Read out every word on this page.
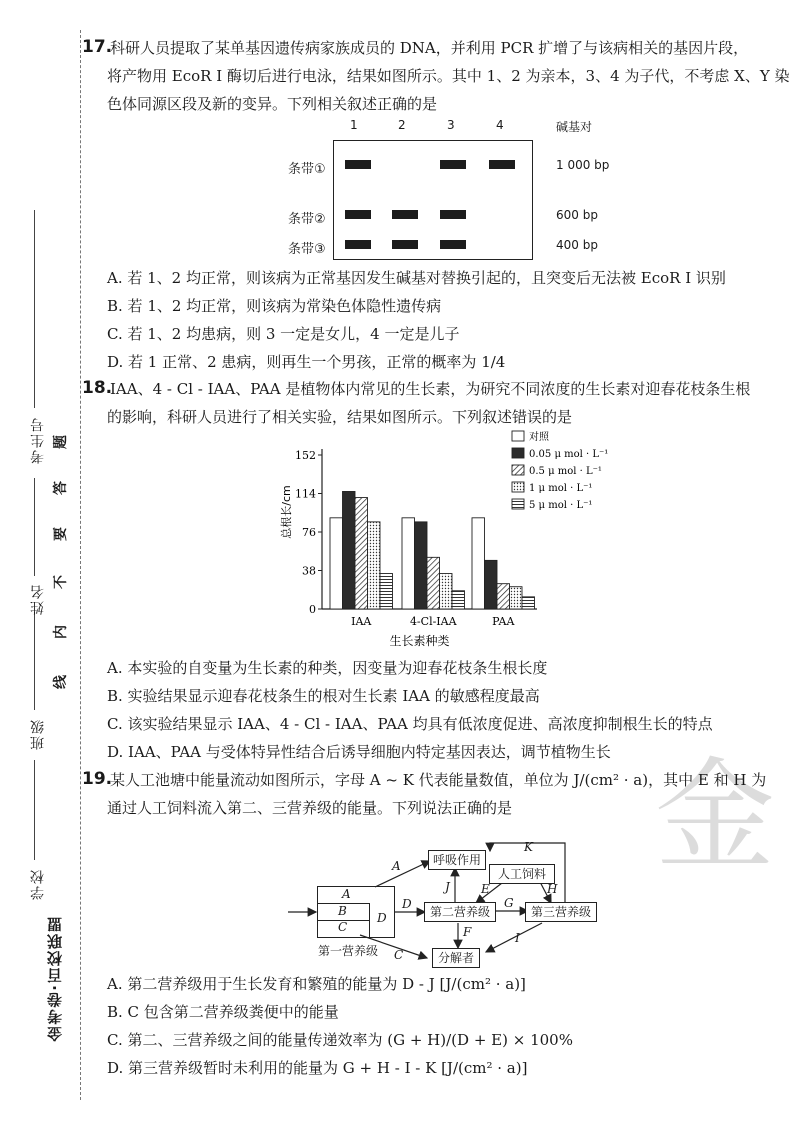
金考卷·百校联盟
学校
班级
姓名
考生号
线
内
不
要
答
题
金
17.
科研人员提取了某单基因遗传病家族成员的 DNA，并利用 PCR 扩增了与该病相关的基因片段，
将产物用 EcoR I 酶切后进行电泳，结果如图所示。其中 1、2 为亲本，3、4 为子代，不考虑 X、Y 染
色体同源区段及新的变异。下列相关叙述正确的是
1	2	3	4	碱基对
条带①
条带②
条带③
1 000 bp
600 bp
400 bp
A. 若 1、2 均正常，则该病为正常基因发生碱基对替换引起的，且突变后无法被 EcoR I 识别
B. 若 1、2 均正常，则该病为常染色体隐性遗传病
C. 若 1、2 均患病，则 3 一定是女儿，4 一定是儿子
D. 若 1 正常、2 患病，则再生一个男孩，正常的概率为 1/4
18.
IAA、4 - Cl - IAA、PAA 是植物体内常见的生长素，为研究不同浓度的生长素对迎春花枝条生根
的影响，科研人员进行了相关实验，结果如图所示。下列叙述错误的是
0
38
76
114
152
总根长/cm
IAA	4-Cl-IAA	PAA
生长素种类
对照
0.05 μ mol · L⁻¹
0.5 μ mol · L⁻¹
1 μ mol · L⁻¹
5 μ mol · L⁻¹
A. 本实验的自变量为生长素的种类，因变量为迎春花枝条生根长度
B. 实验结果显示迎春花枝条生的根对生长素 IAA 的敏感程度最高
C. 该实验结果显示 IAA、4 - Cl - IAA、PAA 均具有低浓度促进、高浓度抑制根生长的特点
D. IAA、PAA 与受体特异性结合后诱导细胞内特定基因表达，调节植物生长
19.
某人工池塘中能量流动如图所示，字母 A ~ K 代表能量数值，单位为 J/(cm² · a)，其中 E 和 H 为
通过人工饲料流入第二、三营养级的能量。下列说法正确的是
呼吸作用
人工饲料
第二营养级	第三营养级
分解者
A
B
C
D
第一营养级
A
D
J	E
G
H
K
F	I
C
A. 第二营养级用于生长发育和繁殖的能量为 D - J [J/(cm² · a)]
B. C 包含第二营养级粪便中的能量
C. 第二、三营养级之间的能量传递效率为 (G + H)/(D + E) × 100%
D. 第三营养级暂时未利用的能量为 G + H - I - K [J/(cm² · a)]
